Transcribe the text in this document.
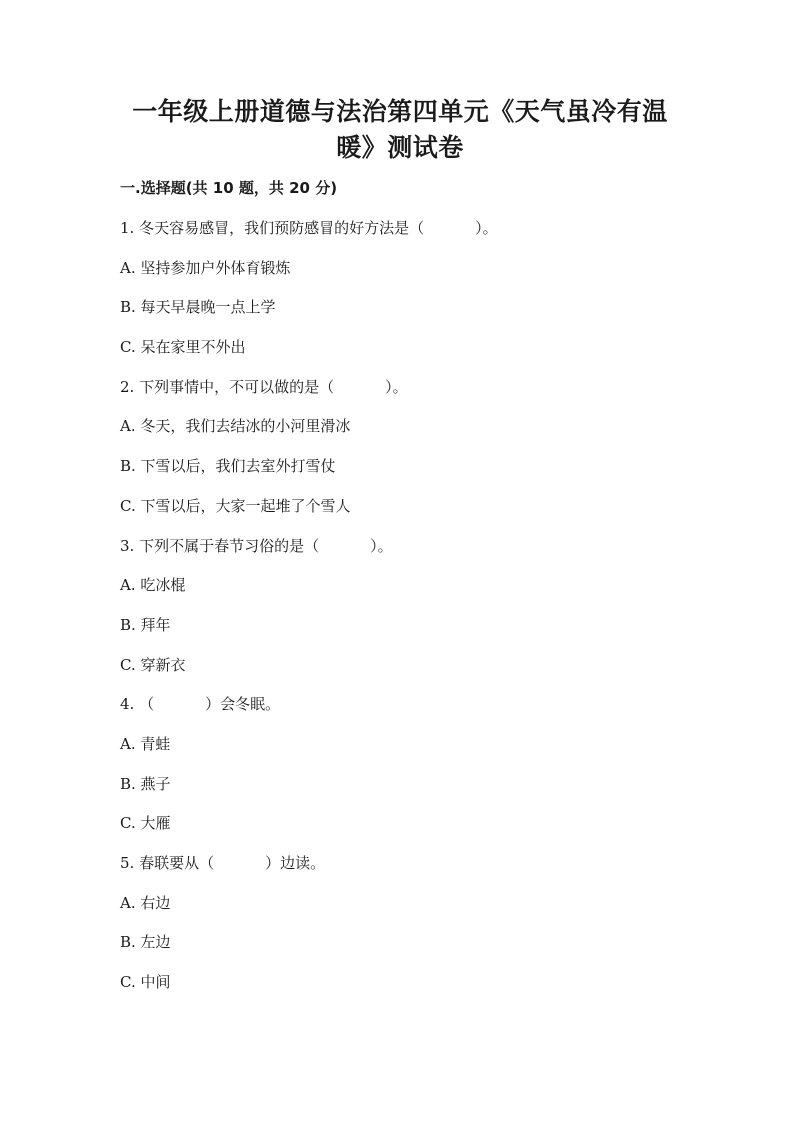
一年级上册道德与法治第四单元《天气虽冷有温
暖》测试卷
一.选择题(共 10 题，共 20 分)
1. 冬天容易感冒，我们预防感冒的好方法是（	）。
A. 坚持参加户外体育锻炼
B. 每天早晨晚一点上学
C. 呆在家里不外出
2. 下列事情中，不可以做的是（	）。
A. 冬天，我们去结冰的小河里滑冰
B. 下雪以后，我们去室外打雪仗
C. 下雪以后，大家一起堆了个雪人
3. 下列不属于春节习俗的是（	）。
A. 吃冰棍
B. 拜年
C. 穿新衣
4. （	）会冬眠。
A. 青蛙
B. 燕子
C. 大雁
5. 春联要从（	）边读。
A. 右边
B. 左边
C. 中间
